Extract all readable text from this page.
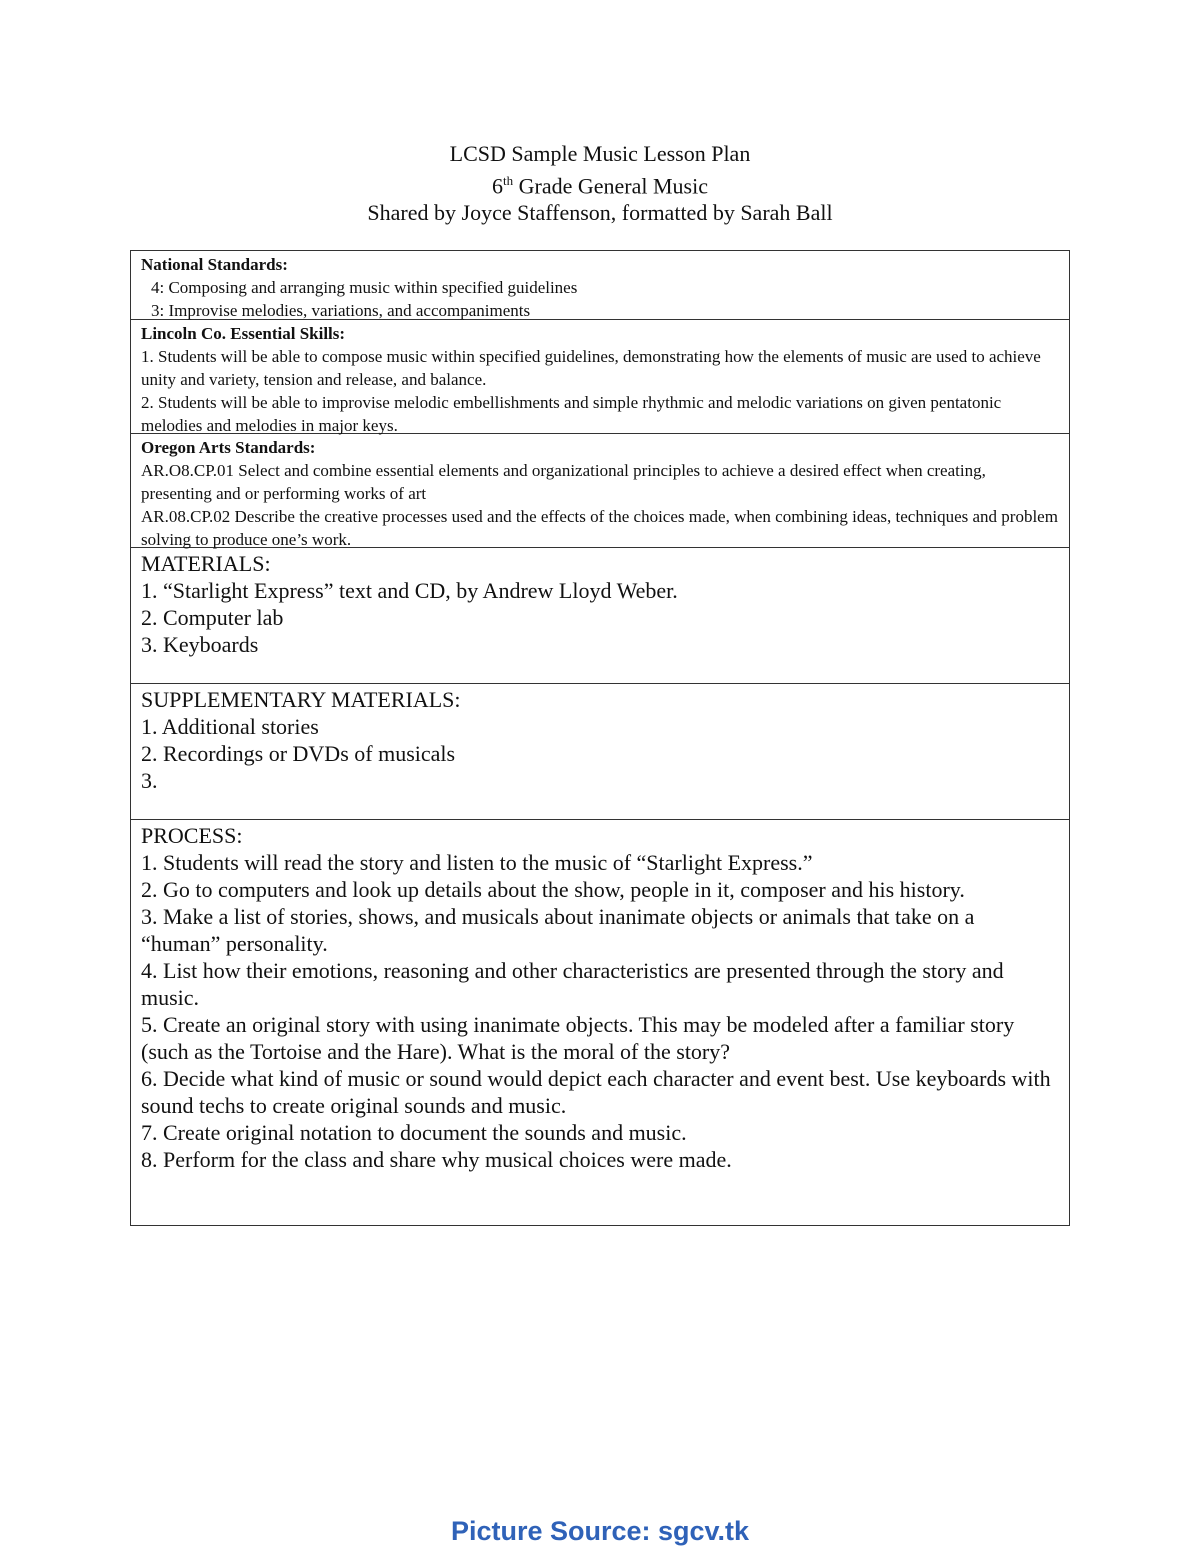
LCSD Sample Music Lesson Plan
6th Grade General Music
Shared by Joyce Staffenson, formatted by Sarah Ball
National Standards:
4: Composing and arranging music within specified guidelines
3: Improvise melodies, variations, and accompaniments
Lincoln Co. Essential Skills:
1. Students will be able to compose music within specified guidelines, demonstrating how the elements of music are used to achieve unity and variety, tension and release, and balance.
2. Students will be able to improvise melodic embellishments and simple rhythmic and melodic variations on given pentatonic melodies and melodies in major keys.
Oregon Arts Standards:
AR.O8.CP.01 Select and combine essential elements and organizational principles to achieve a desired effect when creating, presenting and or performing works of art
AR.08.CP.02 Describe the creative processes used and the effects of the choices made, when combining ideas, techniques and problem solving to produce one’s work.
MATERIALS:
1. “Starlight Express” text and CD, by Andrew Lloyd Weber.
2. Computer lab
3. Keyboards
SUPPLEMENTARY MATERIALS:
1. Additional stories
2. Recordings or DVDs of musicals
3.
PROCESS:
1. Students will read the story and listen to the music of “Starlight Express.”
2. Go to computers and look up details about the show, people in it, composer and his history.
3. Make a list of stories, shows, and musicals about inanimate objects or animals that take on a “human” personality.
4. List how their emotions, reasoning and other characteristics are presented through the story and music.
5. Create an original story with using inanimate objects. This may be modeled after a familiar story (such as the Tortoise and the Hare). What is the moral of the story?
6. Decide what kind of music or sound would depict each character and event best. Use keyboards with sound techs to create original sounds and music.
7. Create original notation to document the sounds and music.
8. Perform for the class and share why musical choices were made.
Picture Source: sgcv.tk
